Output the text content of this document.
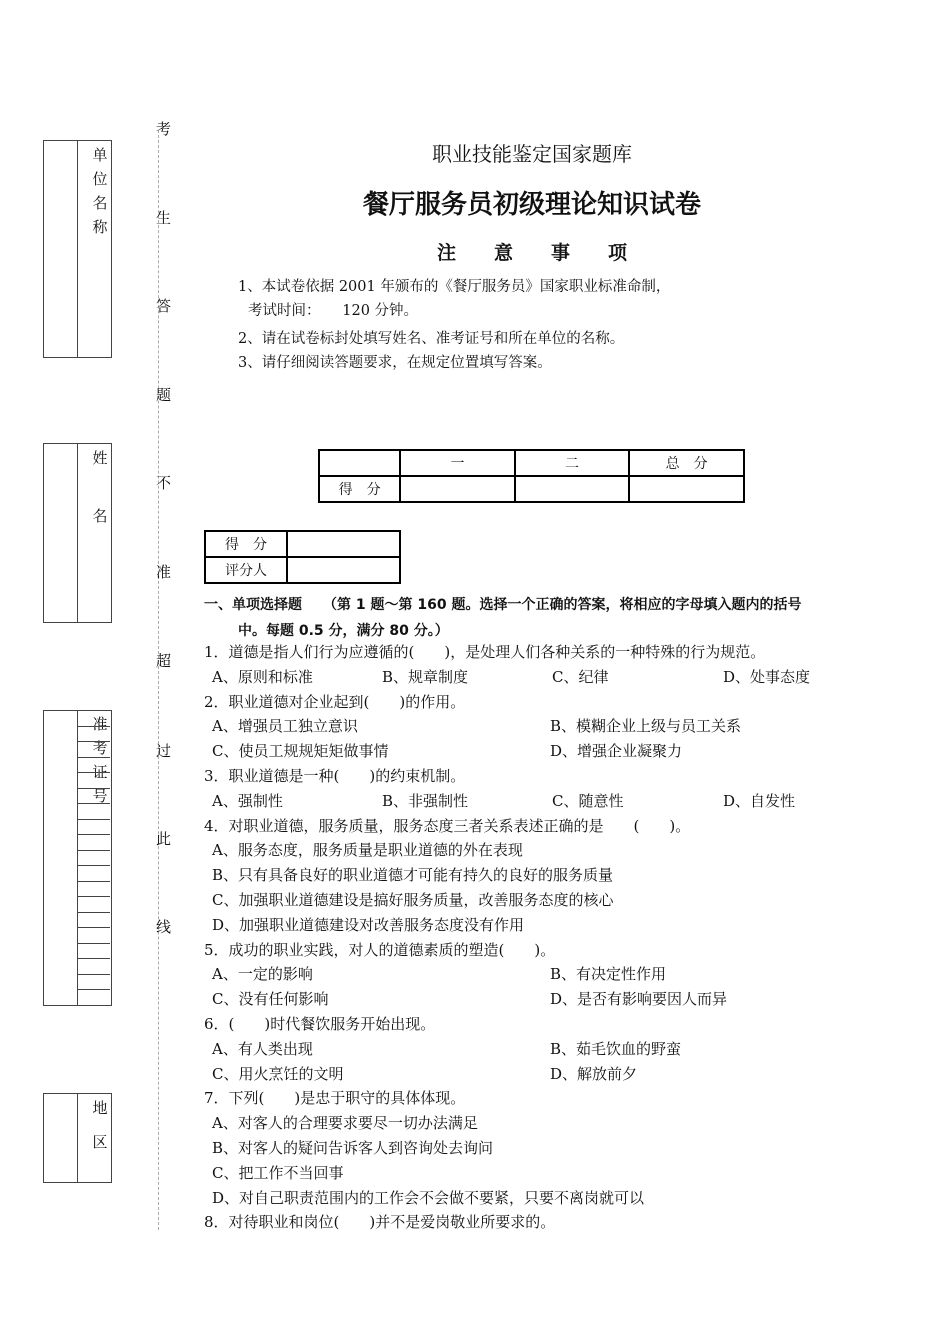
单
位
名
称
姓
名
准
考
证
号
地
区
考
生
答
题
不
准
超
过
此
线
职业技能鉴定国家题库
餐厅服务员初级理论知识试卷
注　　意　　事　　项
1、本试卷依据 2001 年颁布的《餐厅服务员》国家职业标准命制，
考试时间：　　120 分钟。
2、请在试卷标封处填写姓名、准考证号和所在单位的名称。
3、请仔细阅读答题要求，在规定位置填写答案。
	一	二	总　分
得　分			
得　分	
评分人	
一、单项选择题　　（第 1 题～第 160 题。选择一个正确的答案，将相应的字母填入题内的括号
中。每题 0.5 分，满分 80 分。）
1．道德是指人们行为应遵循的(　　)，是处理人们各种关系的一种特殊的行为规范。
A、原则和标准	B、规章制度	C、纪律	D、处事态度
2．职业道德对企业起到(　　)的作用。
A、增强员工独立意识	B、模糊企业上级与员工关系
C、使员工规规矩矩做事情	D、增强企业凝聚力
3．职业道德是一种(　　)的约束机制。
A、强制性	B、非强制性	C、随意性	D、自发性
4．对职业道德，服务质量，服务态度三者关系表述正确的是　　(　　)。
A、服务态度，服务质量是职业道德的外在表现
B、只有具备良好的职业道德才可能有持久的良好的服务质量
C、加强职业道德建设是搞好服务质量，改善服务态度的核心
D、加强职业道德建设对改善服务态度没有作用
5．成功的职业实践，对人的道德素质的塑造(　　)。
A、一定的影响	B、有决定性作用
C、没有任何影响	D、是否有影响要因人而异
6．(　　)时代餐饮服务开始出现。
A、有人类出现	B、茹毛饮血的野蛮
C、用火烹饪的文明	D、解放前夕
7．下列(　　)是忠于职守的具体体现。
A、对客人的合理要求要尽一切办法满足
B、对客人的疑问告诉客人到咨询处去询问
C、把工作不当回事
D、对自己职责范围内的工作会不会做不要紧，只要不离岗就可以
8．对待职业和岗位(　　)并不是爱岗敬业所要求的。
